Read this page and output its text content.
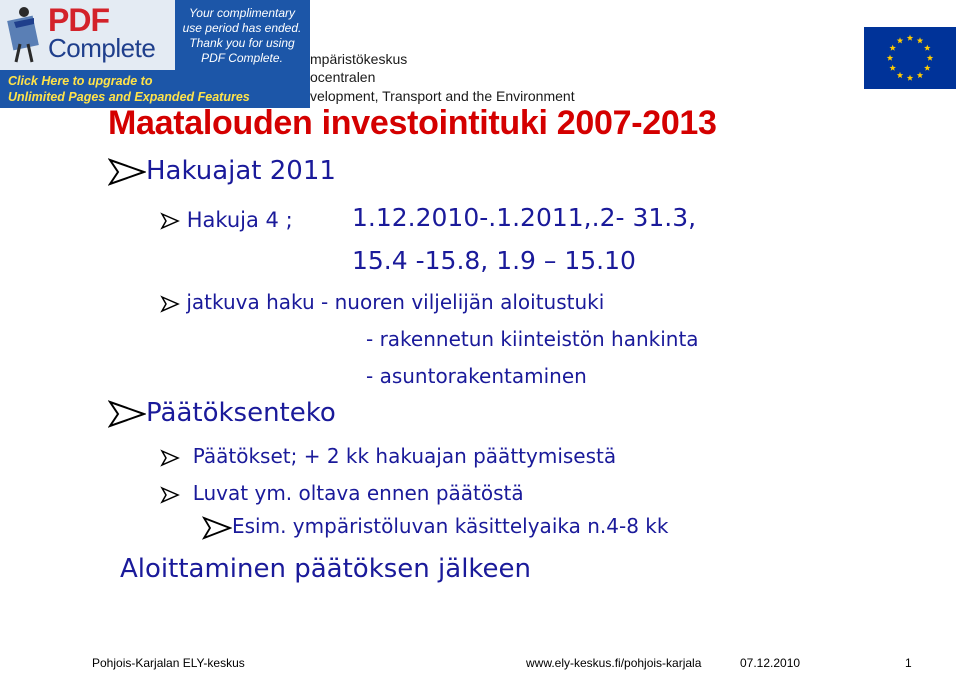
PDF
Complete
Your complimentary
use period has ended.
Thank you for using
PDF Complete.
Click Here to upgrade to
Unlimited Pages and Expanded Features
mpäristökeskus
ocentralen
velopment, Transport and the Environment
Maatalouden investointituki 2007-2013
Hakuajat 2011
Hakuja 4 ; 1.12.2010-.1.2011,.2- 31.3,
15.4 -15.8, 1.9 – 15.10
jatkuva haku - nuoren viljelijän aloitustuki
- rakennetun kiinteistön hankinta
- asuntorakentaminen
Päätöksenteko
Päätökset; + 2 kk hakuajan päättymisestä
Luvat ym. oltava ennen päätöstä
Esim. ympäristöluvan käsittelyaika n.4-8 kk
Aloittaminen päätöksen jälkeen
Pohjois-Karjalan ELY-keskus	www.ely-keskus.fi/pohjois-karjala	07.12.2010	1
